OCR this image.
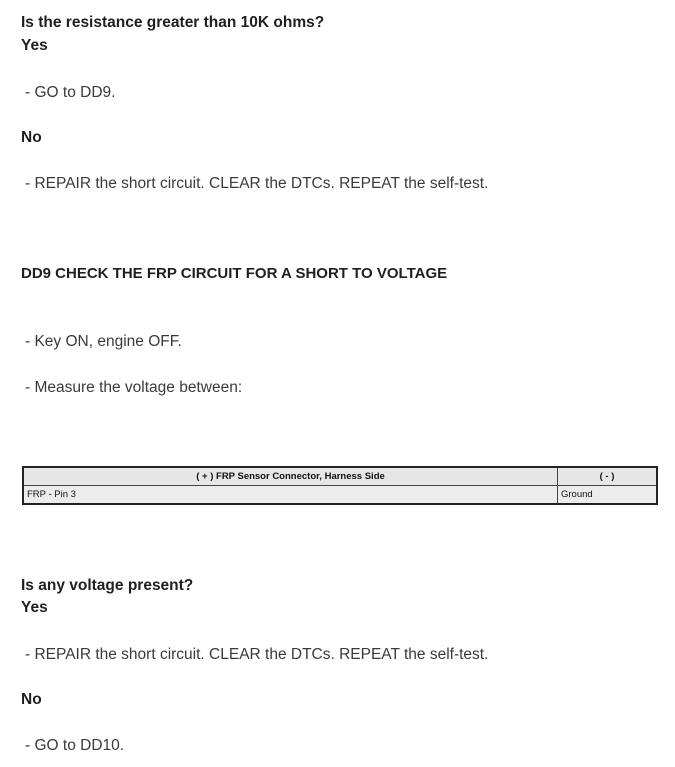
Is the resistance greater than 10K ohms?
Yes
- GO to DD9.
No
- REPAIR the short circuit. CLEAR the DTCs. REPEAT the self-test.
DD9 CHECK THE FRP CIRCUIT FOR A SHORT TO VOLTAGE
- Key ON, engine OFF.
- Measure the voltage between:
( + ) FRP Sensor Connector, Harness Side	( - )
FRP - Pin 3	Ground
Is any voltage present?
Yes
- REPAIR the short circuit. CLEAR the DTCs. REPEAT the self-test.
No
- GO to DD10.
